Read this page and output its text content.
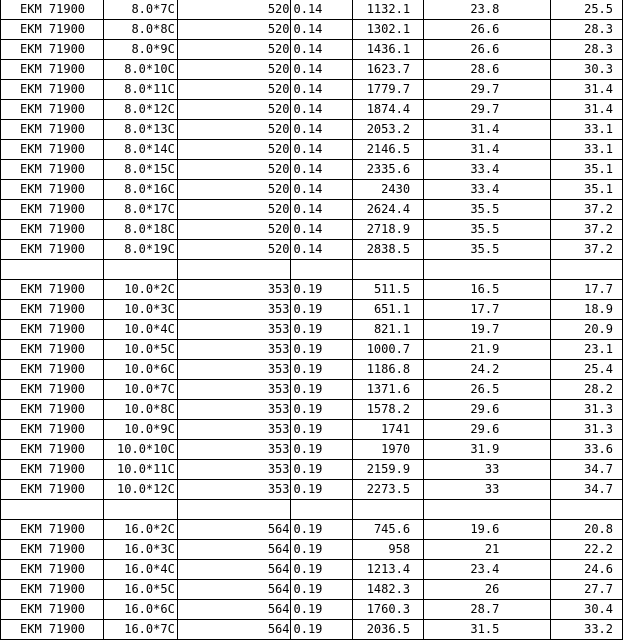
EKM 71900	8.0*7C	520	0.14	1132.1	23.8	25.5
EKM 71900	8.0*8C	520	0.14	1302.1	26.6	28.3
EKM 71900	8.0*9C	520	0.14	1436.1	26.6	28.3
EKM 71900	8.0*10C	520	0.14	1623.7	28.6	30.3
EKM 71900	8.0*11C	520	0.14	1779.7	29.7	31.4
EKM 71900	8.0*12C	520	0.14	1874.4	29.7	31.4
EKM 71900	8.0*13C	520	0.14	2053.2	31.4	33.1
EKM 71900	8.0*14C	520	0.14	2146.5	31.4	33.1
EKM 71900	8.0*15C	520	0.14	2335.6	33.4	35.1
EKM 71900	8.0*16C	520	0.14	2430	33.4	35.1
EKM 71900	8.0*17C	520	0.14	2624.4	35.5	37.2
EKM 71900	8.0*18C	520	0.14	2718.9	35.5	37.2
EKM 71900	8.0*19C	520	0.14	2838.5	35.5	37.2

EKM 71900	10.0*2C	353	0.19	511.5	16.5	17.7
EKM 71900	10.0*3C	353	0.19	651.1	17.7	18.9
EKM 71900	10.0*4C	353	0.19	821.1	19.7	20.9
EKM 71900	10.0*5C	353	0.19	1000.7	21.9	23.1
EKM 71900	10.0*6C	353	0.19	1186.8	24.2	25.4
EKM 71900	10.0*7C	353	0.19	1371.6	26.5	28.2
EKM 71900	10.0*8C	353	0.19	1578.2	29.6	31.3
EKM 71900	10.0*9C	353	0.19	1741	29.6	31.3
EKM 71900	10.0*10C	353	0.19	1970	31.9	33.6
EKM 71900	10.0*11C	353	0.19	2159.9	33	34.7
EKM 71900	10.0*12C	353	0.19	2273.5	33	34.7

EKM 71900	16.0*2C	564	0.19	745.6	19.6	20.8
EKM 71900	16.0*3C	564	0.19	958	21	22.2
EKM 71900	16.0*4C	564	0.19	1213.4	23.4	24.6
EKM 71900	16.0*5C	564	0.19	1482.3	26	27.7
EKM 71900	16.0*6C	564	0.19	1760.3	28.7	30.4
EKM 71900	16.0*7C	564	0.19	2036.5	31.5	33.2
